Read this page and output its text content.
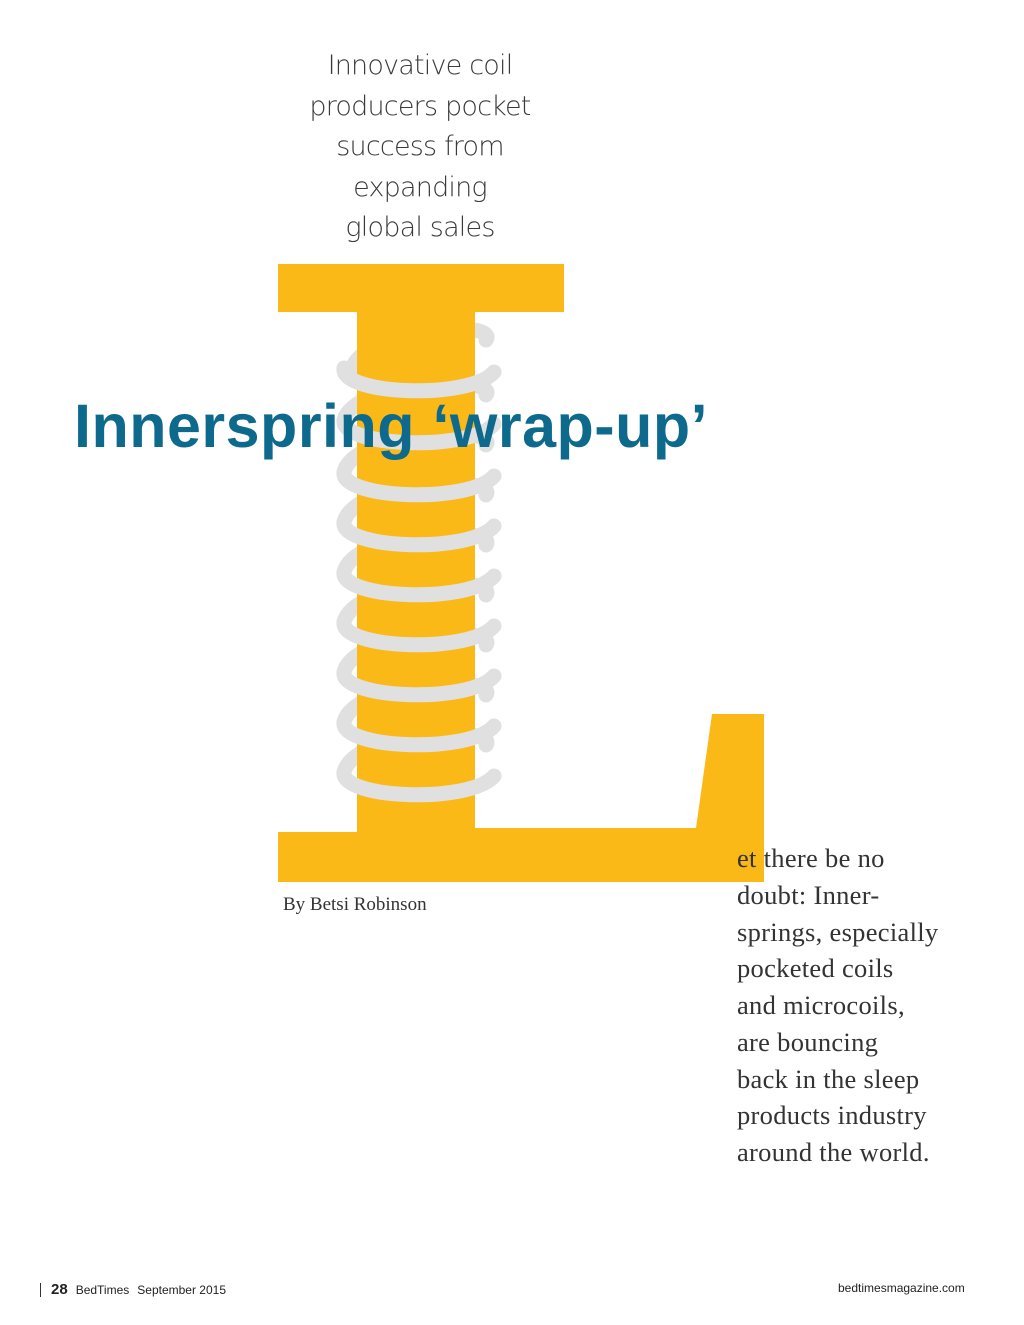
Innovative coil
producers pocket
success from
expanding
global sales
Innerspring ‘wrap-up’
By Betsi Robinson
et there be no
doubt: Inner-
springs, especially
pocketed coils
and microcoils,
are bouncing
back in the sleep
products industry
around the world.
28 BedTimes September 2015	bedtimesmagazine.com
